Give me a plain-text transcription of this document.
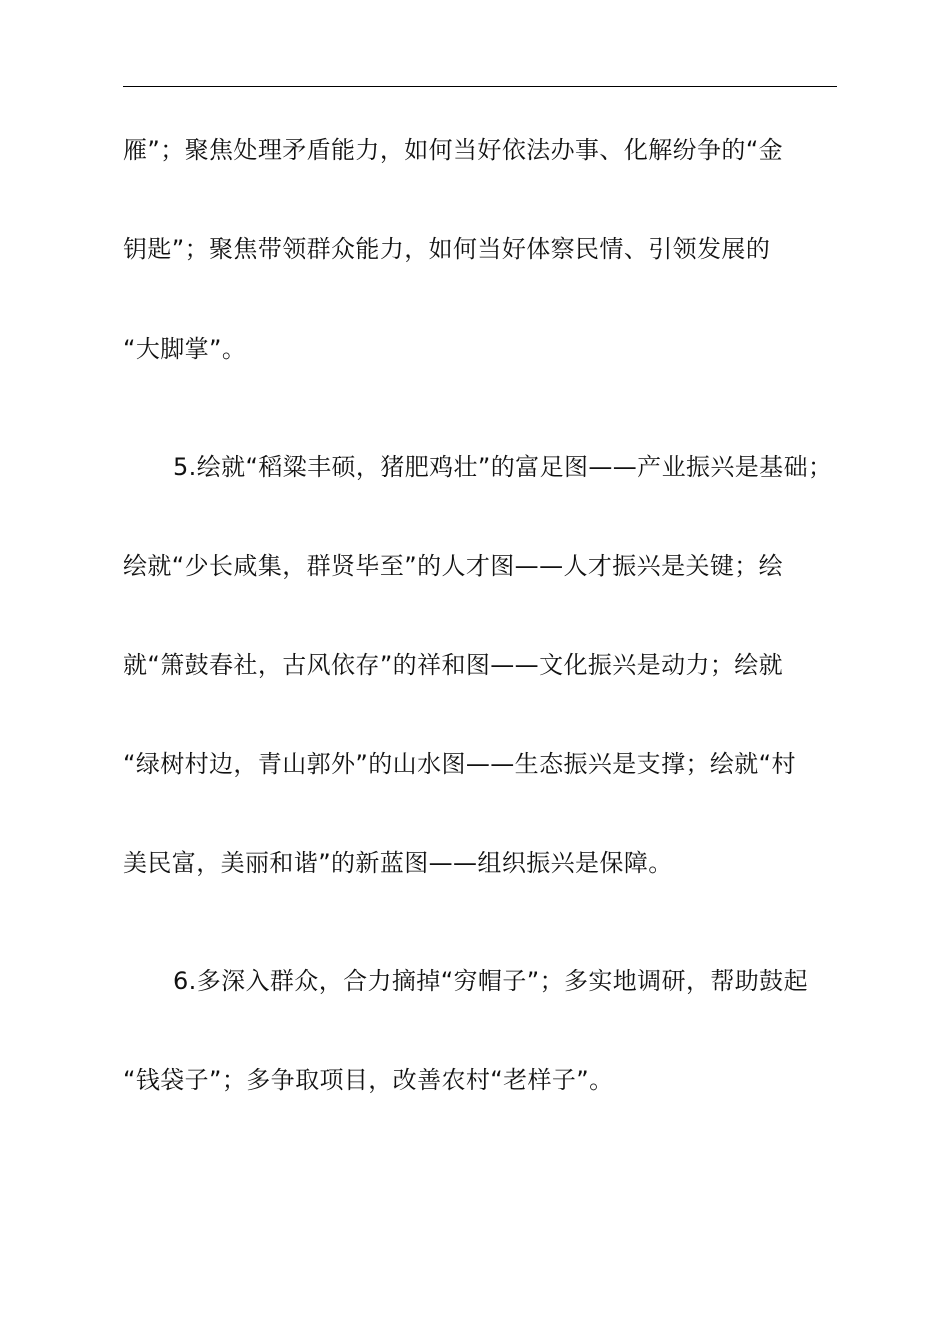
雁”；聚焦处理矛盾能力，如何当好依法办事、化解纷争的“金
钥匙”；聚焦带领群众能力，如何当好体察民情、引领发展的
“大脚掌”。
5.绘就“稻粱丰硕，猪肥鸡壮”的富足图——产业振兴是基础；
绘就“少长咸集，群贤毕至”的人才图——人才振兴是关键；绘
就“箫鼓春社，古风依存”的祥和图——文化振兴是动力；绘就
“绿树村边，青山郭外”的山水图——生态振兴是支撑；绘就“村
美民富，美丽和谐”的新蓝图——组织振兴是保障。
6.多深入群众，合力摘掉“穷帽子”；多实地调研，帮助鼓起
“钱袋子”；多争取项目，改善农村“老样子”。
